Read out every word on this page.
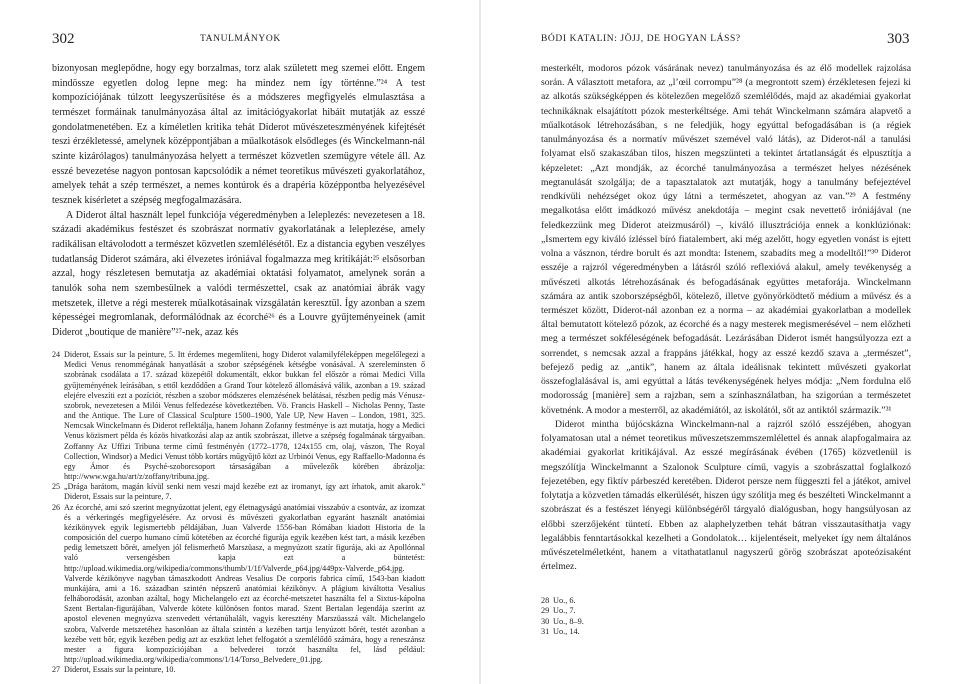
302	TANULMÁNYOK

bizonyosan meglepődne, hogy egy borzalmas, torz alak született meg szemei előtt. Engem mindössze egyetlen dolog lepne meg: ha mindez nem így történne.”²⁴ A test kompozíciójának túlzott leegyszerűsítése és a módszeres megfigyelés elmulasztása a természet formáinak tanulmányozása által az imitációgyakorlat hibáit mutatják az esszé gondolatmenetében. Ez a kíméletlen kritika tehát Diderot művészeteszményének kifejtését teszi érzékletessé, amelynek középpontjában a műalkotások elsődleges (és Winckelmann-nál szinte kizárólagos) tanulmányozása helyett a természet közvetlen szemügyre vétele áll. Az esszé bevezetése nagyon pontosan kapcsolódik a német teoretikus művészeti gyakorlatához, amelyek tehát a szép természet, a nemes kontúrok és a drapéria középpontba helyezésével tesznek kísérletet a szépség megfogalmazására.

A Diderot által használt lepel funkciója végeredményben a leleplezés: nevezetesen a 18. századi akadémikus festészet és szobrászat normatív gyakorlatának a leleplezése, amely radikálisan eltávolodott a természet közvetlen szemlélésétől. Ez a distancia egyben veszélyes tudatlanság Diderot számára, aki élvezetes iróniával fogalmazza meg kritikáját:²⁵ elsősorban azzal, hogy részletesen bemutatja az akadémiai oktatási folyamatot, amelynek során a tanulók soha nem szembesülnek a valódi természettel, csak az anatómiai ábrák vagy metszetek, illetve a régi mesterek műalkotásainak vizsgálatán keresztül. Így azonban a szem képességei megromlanak, deformálódnak az écorché²⁶ és a Louvre gyűjteményeinek (amit Diderot „boutique de manière”²⁷-nek, azaz kés

24 Diderot, Essais sur la peinture, 5. Itt érdemes megemlíteni, hogy Diderot valamilyféleképpen megelőlegezi a Medici Venus renommégának hanyatlását a szobor szépségének kétségbe vonásával. A szereleminsten ő szobrának csodálata a 17. század közepétől dokumentált, ekkor bukkan fel először a római Medici Villa gyűjteményének leírásában, s ettől kezdődően a Grand Tour kötelező állomásává válik, azonban a 19. század elejére elveszíti ezt a pozíciót, részben a szobor módszeres elemzésének belátásai, részben pedig más Vénusz-szobrok, nevezetesen a Milói Venus felfedezése következtében. Vö. Francis Haskell – Nicholas Penny, Taste and the Antique. The Lure of Classical Sculpture 1500–1900, Yale UP, New Haven – London, 1981, 325. Nemcsak Winckelmann és Diderot reflektálja, hanem Johann Zofanny festménye is azt mutatja, hogy a Medici Venus közismert példa és kózös hivatkozási alap az antik szobrászat, illetve a szépség fogalmának tárgyaiban. Zoffanny Az Uffizi Tribuna terme című festményén (1772–1778, 124x155 cm, olaj, vászon, The Royal Collection, Windsor) a Medici Venust több kortárs műgyűjtő közt az Urbinói Venus, egy Raffaello-Madonna és egy Ámor és Psyché-szoborcsoport társaságában a művelezők körében ábrázolja: http://www.wga.hu/art/z/zoffany/tribuna.jpg.

25 „Drága barátom, magán kívül senki nem veszi majd kezébe ezt az iromanyt, így azt írhatok, amit akarok.” Diderot, Essais sur la peinture, 7.

26 Az écorché, ami szó szerint megnyúzottat jelent, egy életnagyságú anatómiai visszabúv a csontváz, az izomzat és a vérkeringés megfigyelésére. Az orvosi és művészeti gyakorlatban egyaránt használt anatómiai kézikönyvek egyik legismertebb példájában, Juan Valverde 1556-ban Rómában kiadott Historia de la composición del cuerpo humano című kötetében az écorché figurája egyik kezében kést tart, a másik kezében pedig lemetszett bőrét, amelyen jól felismerhető Marszüasz, a megnyúzott szatír figurája, aki az Apollónnal való versengésben kapja ezt a büntetést: http://upload.wikimedia.org/wikipedia/commons/thumb/1/1f/Valverde_p64.jpg/449px-Valverde_p64.jpg. Valverde kézikönyve nagyban támaszkodott Andreas Vesalius De corporis fabrica című, 1543-ban kiadott munkájára, ami a 16. században szintén népszerű anatómiai kézikönyv. A plágium kiváltotta Vesalius felháborodását, azonban azáltal, hogy Michelangelo ezt az écorché-metszetet használta fel a Sixtus-kápolna Szent Bertalan-figurájában, Valverde kötete különösen fontos marad. Szent Bertalan legendája szerint az apostol elevenen megnyúzva szenvedett vértanúhalált, vagyis keresztény Marszüasszá vált. Michelangelo szobra, Valverde metszetéhez hasonlóan az általa szintén a kezében tartja lenyúzott bőrét, testét azonban a kezébe vett bőr, egyik kezében pedig azt az eszközt lehet felfogatót a szemlélődő számára, hogy a reneszánsz mester a figura kompozíciójában a belvederei torzót használta fel, lásd például: http://upload.wikimedia.org/wikipedia/commons/1/14/Torso_Belvedere_01.jpg.

27 Diderot, Essais sur la peinture, 10.

BÓDI KATALIN: JÖJJ, DE HOGYAN LÁSS?	303

mesterkélt, modoros pózok vásárának nevez) tanulmányozása és az élő modellek rajzolása során. A választott metafora, az „l’œil corrompu”²⁸ (a megrontott szem) érzékletesen fejezi ki az alkotás szükségképpen és kötelezően megelőző szemlélődés, majd az akadémiai gyakorlat technikáknak elsajátított pózok mesterkéltsége. Ami tehát Winckelmann számára alapvető a műalkotások létrehozásában, s ne feledjük, hogy egyúttal befogadásában is (a régiek tanulmányozása és a normatív művészet szemével való látás), az Diderot-nál a tanulási folyamat első szakaszában tilos, hiszen megszünteti a tekintet ártatlanságát és elpusztítja a képzeletet: „Azt mondják, az écorché tanulmányozása a természet helyes nézésének megtanulását szolgálja; de a tapasztalatok azt mutatják, hogy a tanulmány befejeztével rendkívüli nehézséget okoz úgy látni a természetet, ahogyan az van.”²⁹ A festmény megalkotása előtt imádkozó művész anekdotája – megint csak nevettető iróniájával (ne feledkezzünk meg Diderot ateizmusáról) –, kiváló illusztrációja ennek a konklúziónak: „Ismertem egy kiváló ízléssel bíró fiatalembert, aki még azelőtt, hogy egyetlen vonást is ejtett volna a vásznon, térdre borult és azt mondta: Istenem, szabadíts meg a modelltől!”³⁰ Diderot esszéje a rajzról végeredményben a látásról szóló reflexióvá alakul, amely tevékenység a művészeti alkotás létrehozásának és befogadásának együttes metaforája. Winckelmann számára az antik szoborszépségből, kötelező, illetve gyönyörködtető médium a művész és a természet között, Diderot-nál azonban ez a norma – az akadémiai gyakorlatban a modellek által bemutatott kötelező pózok, az écorché és a nagy mesterek megismerésével – nem előzheti meg a természet sokféleségének befogadását. Lezárásában Diderot ismét hangsúlyozza ezt a sorrendet, s nemcsak azzal a frappáns játékkal, hogy az esszé kezdő szava a „természet”, befejező pedig az „antik”, hanem az általa ideálisnak tekintett művészeti gyakorlat összefoglalásával is, ami egyúttal a látás tevékenységének helyes módja: „Nem fordulna elő modorosság [manière] sem a rajzban, sem a színhasználatban, ha szigorúan a természetet követnénk. A modor a mesterről, az akadémiától, az iskolától, sőt az antiktól származik.”³¹

Diderot mintha bújócskázna Winckelmann-nal a rajzról szóló esszéjében, ahogyan folyamatosan utal a német teoretikus műveszetszemmszemlélettel és annak alapfogalmaira az akadémiai gyakorlat kritikájával. Az esszé megírásának évében (1765) közvetlenül is megszólítja Winckelmannt a Szalonok Sculpture című, vagyis a szobrászattal foglalkozó fejezetében, egy fiktív párbeszéd keretében. Diderot persze nem függeszti fel a játékot, amivel folytatja a közvetlen támadás elkerülését, hiszen úgy szólítja meg és beszélteti Winckelmannt a szobrászat és a festészet lényegi különbségéről tárgyaló dialógusban, hogy hangsúlyosan az előbbi szerzőjeként tüntetí. Ebben az alaphelyzetben tehát bátran visszautasíthatja vagy legalábbis fenntartásokkal kezelheti a Gondolatok… kijelentéseit, melyeket így nem általános művészetelméletként, hanem a vitathatatlanul nagyszerű görög szobrászat apoteózisaként értelmez.

28 Uo., 6.

29 Uo., 7.

30 Uo., 8–9.

31 Uo., 14.
